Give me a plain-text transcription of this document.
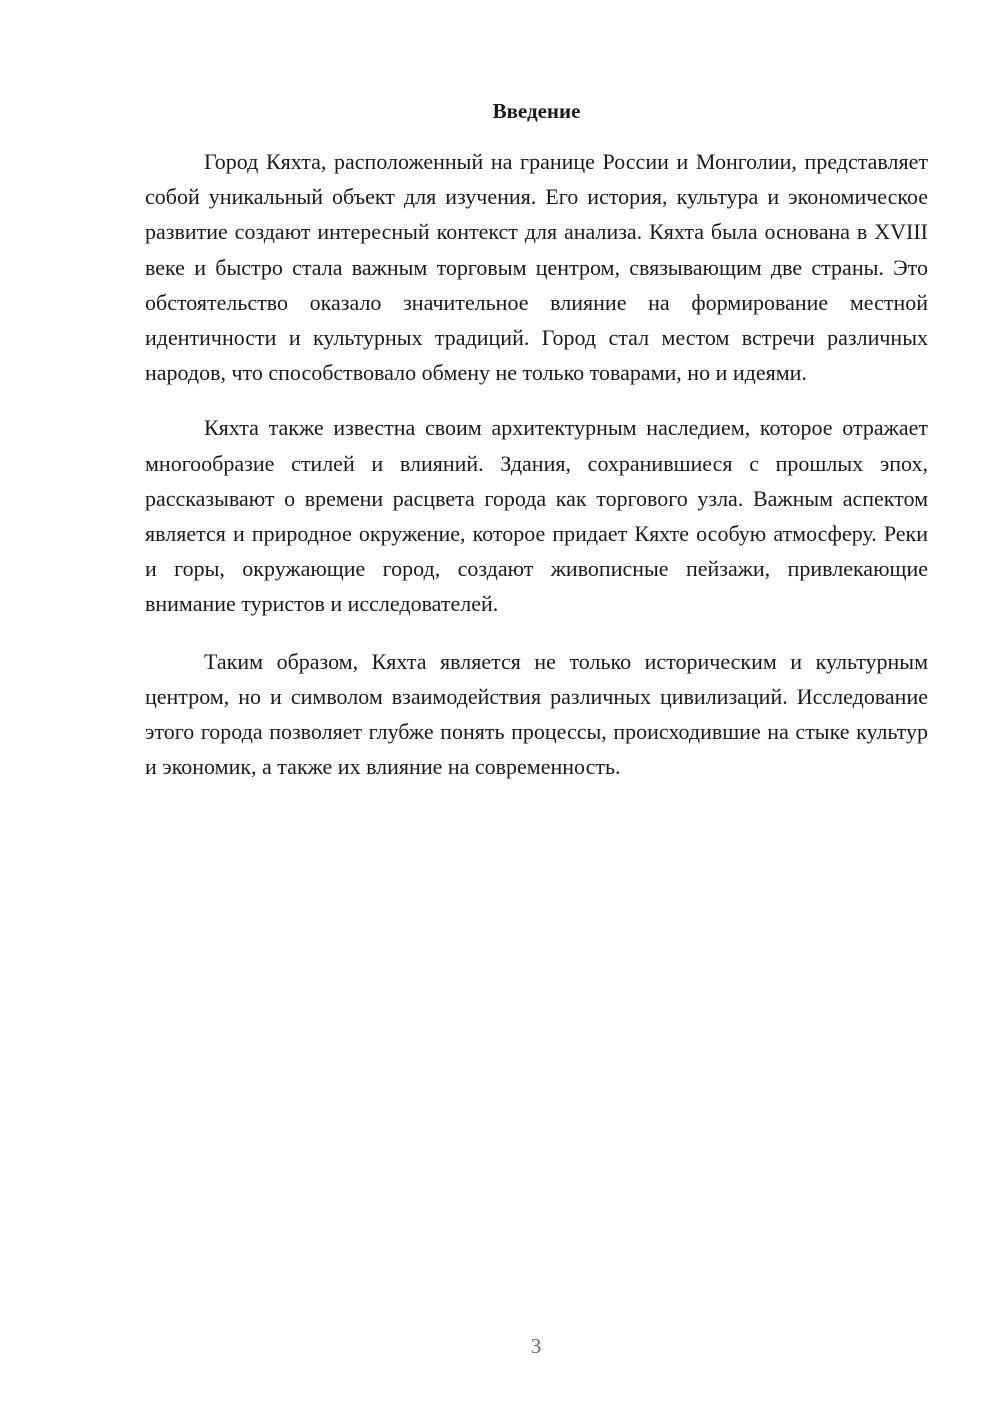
Введение

Город Кяхта, расположенный на границе России и Монголии, представляет собой уникальный объект для изучения. Его история, культура и экономическое развитие создают интересный контекст для анализа. Кяхта была основана в XVIII веке и быстро стала важным торговым центром, связывающим две страны. Это обстоятельство оказало значительное влияние на формирование местной идентичности и культурных традиций. Город стал местом встречи различных народов, что способствовало обмену не только товарами, но и идеями.

Кяхта также известна своим архитектурным наследием, которое отражает многообразие стилей и влияний. Здания, сохранившиеся с прошлых эпох, рассказывают о времени расцвета города как торгового узла. Важным аспектом является и природное окружение, которое придает Кяхте особую атмосферу. Реки и горы, окружающие город, создают живописные пейзажи, привлекающие внимание туристов и исследователей.

Таким образом, Кяхта является не только историческим и культурным центром, но и символом взаимодействия различных цивилизаций. Исследование этого города позволяет глубже понять процессы, происходившие на стыке культур и экономик, а также их влияние на современность.

3
